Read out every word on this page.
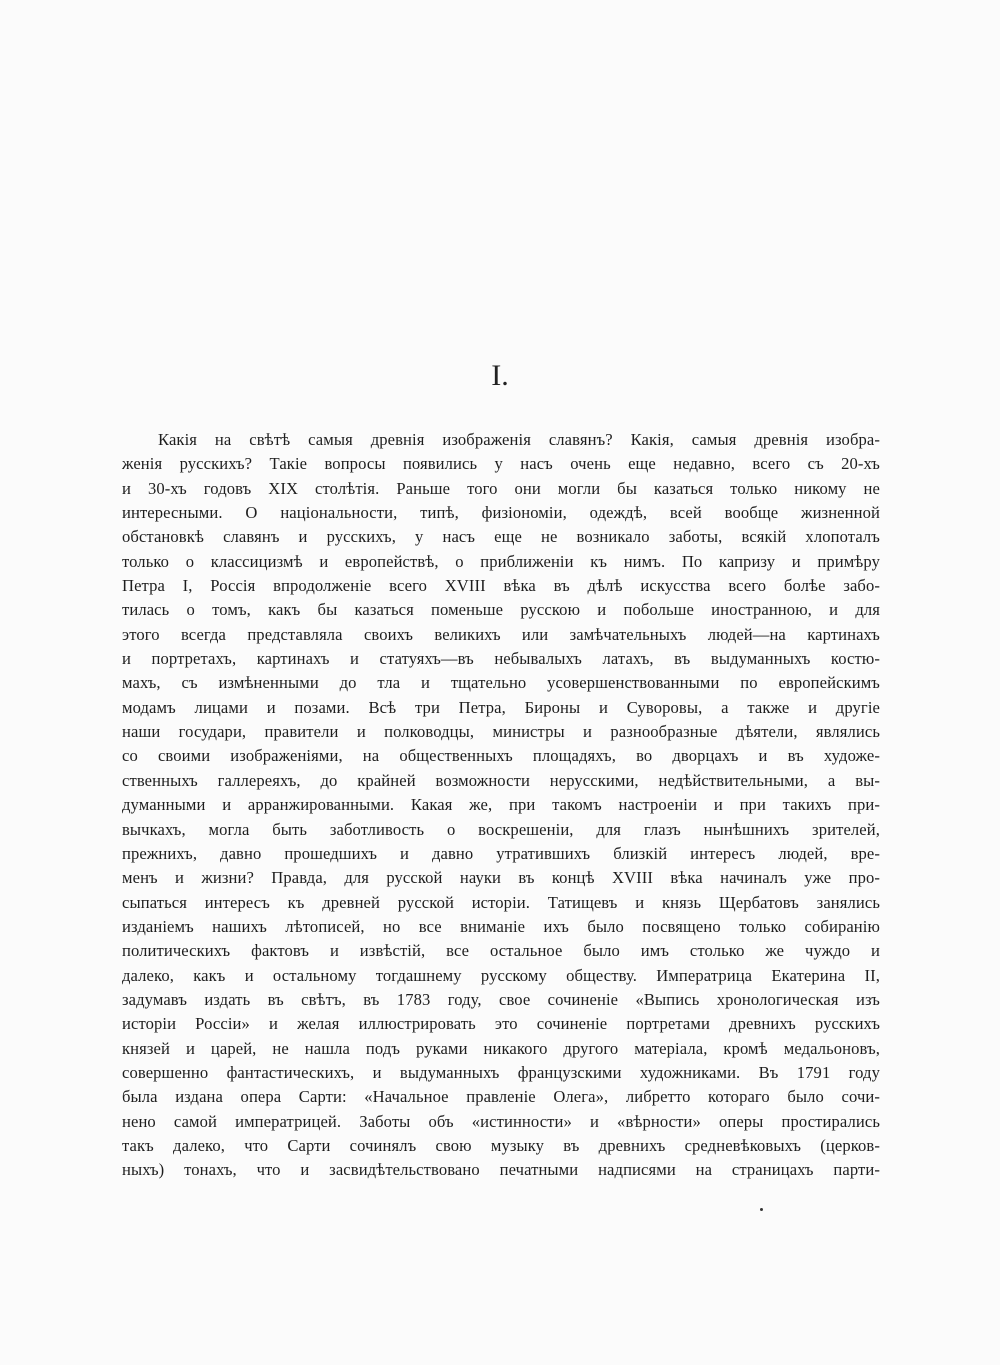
I.
Какія на свѣтѣ самыя древнія изображенія славянъ? Какія, самыя древнія изобра-
женія русскихъ? Такіе вопросы появились у насъ очень еще недавно, всего съ 20-хъ
и 30-хъ годовъ XIX столѣтія. Раньше того они могли бы казаться только никому не
интересными. О національности, типѣ, физіономіи, одеждѣ, всей вообще жизненной
обстановкѣ славянъ и русскихъ, у насъ еще не возникало заботы, всякій хлопоталъ
только о классицизмѣ и европействѣ, о приближеніи къ нимъ. По капризу и примѣру
Петра I, Россія впродолженіе всего XVIII вѣка въ дѣлѣ искусства всего болѣе забо-
тилась о томъ, какъ бы казаться поменьше русскою и побольше иностранною, и для
этого всегда представляла своихъ великихъ или замѣчательныхъ людей—на картинахъ
и портретахъ, картинахъ и статуяхъ—въ небывалыхъ латахъ, въ выдуманныхъ костю-
махъ, съ измѣненными до тла и тщательно усовершенствованными по европейскимъ
модамъ лицами и позами. Всѣ три Петра, Бироны и Суворовы, а также и другіе
наши государи, правители и полководцы, министры и разнообразные дѣятели, являлись
со своими изображеніями, на общественныхъ площадяхъ, во дворцахъ и въ художе-
ственныхъ галлереяхъ, до крайней возможности нерусскими, недѣйствительными, а вы-
думанными и арранжированными. Какая же, при такомъ настроеніи и при такихъ при-
вычкахъ, могла быть заботливость о воскрешеніи, для глазъ нынѣшнихъ зрителей,
прежнихъ, давно прошедшихъ и давно утратившихъ близкій интересъ людей, вре-
менъ и жизни? Правда, для русской науки въ концѣ XVIII вѣка начиналъ уже про-
сыпаться интересъ къ древней русской исторіи. Татищевъ и князь Щербатовъ занялись
изданіемъ нашихъ лѣтописей, но все вниманіе ихъ было посвящено только собиранію
политическихъ фактовъ и извѣстій, все остальное было имъ столько же чуждо и
далеко, какъ и остальному тогдашнему русскому обществу. Императрица Екатерина II,
задумавъ издать въ свѣтъ, въ 1783 году, свое сочиненіе «Выпись хронологическая изъ
исторіи Россіи» и желая иллюстрировать это сочиненіе портретами древнихъ русскихъ
князей и царей, не нашла подъ руками никакого другого матеріала, кромѣ медальоновъ,
совершенно фантастическихъ, и выдуманныхъ французскими художниками. Въ 1791 году
была издана опера Сарти: «Начальное правленіе Олега», либретто котораго было сочи-
нено самой императрицей. Заботы объ «истинности» и «вѣрности» оперы простирались
такъ далеко, что Сарти сочинялъ свою музыку въ древнихъ средневѣковыхъ (церков-
ныхъ) тонахъ, что и засвидѣтельствовано печатными надписями на страницахъ парти-
